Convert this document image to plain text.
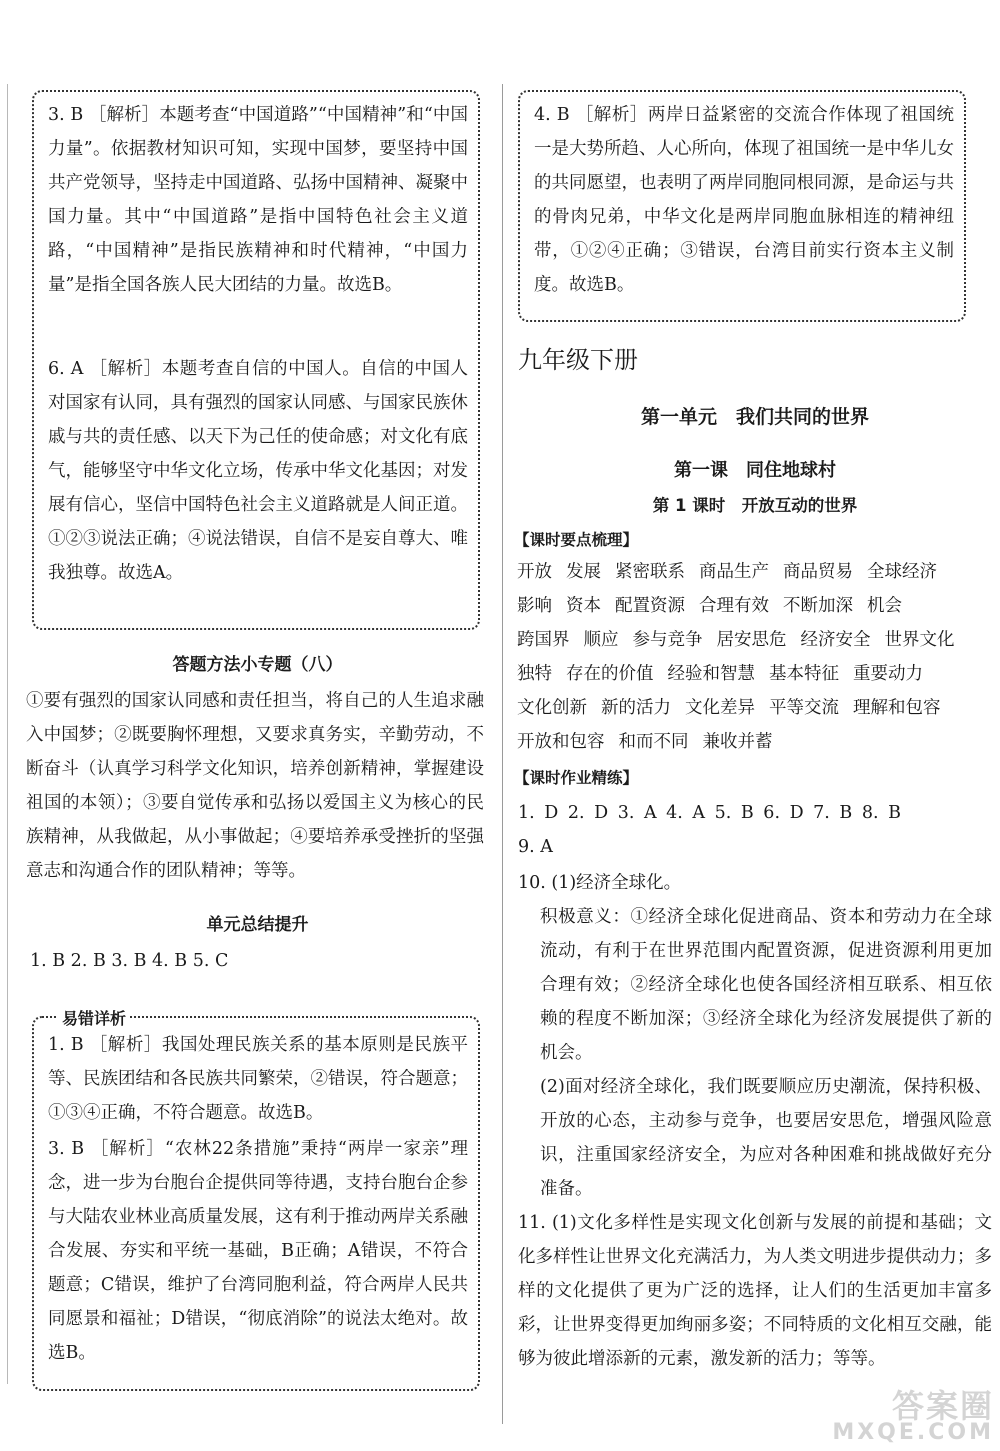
3. B ［解析］本题考查“中国道路”“中国精神”和“中国力量”。依据教材知识可知，实现中国梦，要坚持中国共产党领导，坚持走中国道路、弘扬中国精神、凝聚中国力量。其中“中国道路”是指中国特色社会主义道路，“中国精神”是指民族精神和时代精神，“中国力量”是指全国各族人民大团结的力量。故选B。

6. A ［解析］本题考查自信的中国人。自信的中国人对国家有认同，具有强烈的国家认同感、与国家民族休戚与共的责任感、以天下为己任的使命感；对文化有底气，能够坚守中华文化立场，传承中华文化基因；对发展有信心，坚信中国特色社会主义道路就是人间正道。①②③说法正确；④说法错误，自信不是妄自尊大、唯我独尊。故选A。

答题方法小专题（八）

①要有强烈的国家认同感和责任担当，将自己的人生追求融入中国梦；②既要胸怀理想，又要求真务实，辛勤劳动，不断奋斗（认真学习科学文化知识，培养创新精神，掌握建设祖国的本领）；③要自觉传承和弘扬以爱国主义为核心的民族精神，从我做起，从小事做起；④要培养承受挫折的坚强意志和沟通合作的团队精神；等等。

单元总结提升

1. B 2. B 3. B 4. B 5. C

易错详析

1. B ［解析］我国处理民族关系的基本原则是民族平等、民族团结和各民族共同繁荣，②错误，符合题意；①③④正确，不符合题意。故选B。

3. B ［解析］“农林22条措施”秉持“两岸一家亲”理念，进一步为台胞台企提供同等待遇，支持台胞台企参与大陆农业林业高质量发展，这有利于推动两岸关系融合发展、夯实和平统一基础，B正确；A错误，不符合题意；C错误，维护了台湾同胞利益，符合两岸人民共同愿景和福祉；D错误，“彻底消除”的说法太绝对。故选B。

4. B ［解析］两岸日益紧密的交流合作体现了祖国统一是大势所趋、人心所向，体现了祖国统一是中华儿女的共同愿望，也表明了两岸同胞同根同源，是命运与共的骨肉兄弟，中华文化是两岸同胞血脉相连的精神纽带，①②④正确；③错误，台湾目前实行资本主义制度。故选B。

九年级下册

第一单元　我们共同的世界

第一课　同住地球村

第 1 课时　开放互动的世界

【课时要点梳理】

开放 发展 紧密联系 商品生产 商品贸易 全球经济

影响 资本 配置资源 合理有效 不断加深 机会

跨国界 顺应 参与竞争 居安思危 经济安全 世界文化

独特 存在的价值 经验和智慧 基本特征 重要动力

文化创新 新的活力 文化差异 平等交流 理解和包容

开放和包容 和而不同 兼收并蓄

【课时作业精练】

1. D 2. D 3. A 4. A 5. B 6. D 7. B 8. B

9. A

10. (1)经济全球化。

积极意义：①经济全球化促进商品、资本和劳动力在全球流动，有利于在世界范围内配置资源，促进资源利用更加合理有效；②经济全球化也使各国经济相互联系、相互依赖的程度不断加深；③经济全球化为经济发展提供了新的机会。

(2)面对经济全球化，我们既要顺应历史潮流，保持积极、开放的心态，主动参与竞争，也要居安思危，增强风险意识，注重国家经济安全，为应对各种困难和挑战做好充分准备。

11. (1)文化多样性是实现文化创新与发展的前提和基础；文化多样性让世界文化充满活力，为人类文明进步提供动力；多样的文化提供了更为广泛的选择，让人们的生活更加丰富多彩，让世界变得更加绚丽多姿；不同特质的文化相互交融，能够为彼此增添新的元素，激发新的活力；等等。

答案圈
MXQE.COM
